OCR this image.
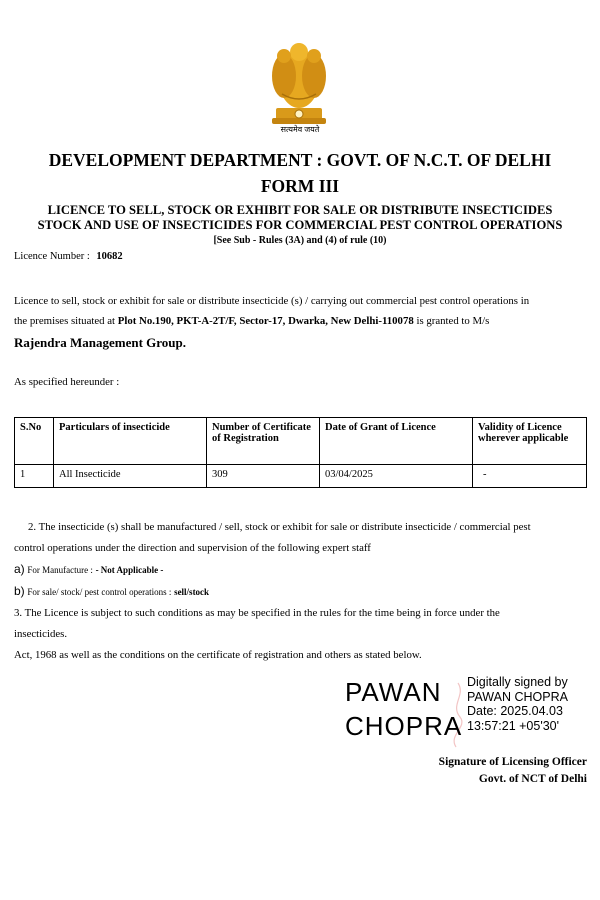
सत्यमेव जयते
DEVELOPMENT DEPARTMENT : GOVT. OF N.C.T. OF DELHI
FORM III
LICENCE TO SELL, STOCK OR EXHIBIT FOR SALE OR DISTRIBUTE INSECTICIDES
STOCK AND USE OF INSECTICIDES FOR COMMERCIAL PEST CONTROL OPERATIONS
[See Sub - Rules (3A) and (4) of rule (10)
Licence Number : 10682
Licence to sell, stock or exhibit for sale or distribute insecticide (s) / carrying out commercial pest control operations in
the premises situated at Plot No.190, PKT-A-2T/F, Sector-17, Dwarka, New Delhi-110078 is granted to M/s
Rajendra Management Group.
As specified hereunder :
S.No	Particulars of insecticide	Number of Certificate of Registration	Date of Grant of Licence	Validity of Licence wherever applicable
1	All Insecticide	309	03/04/2025	-
2. The insecticide (s) shall be manufactured / sell, stock or exhibit for sale or distribute insecticide / commercial pest
control operations under the direction and supervision of the following expert staff
a) For Manufacture : - Not Applicable -
b) For sale/ stock/ pest control operations : sell/stock
3. The Licence is subject to such conditions as may be specified in the rules for the time being in force under the
insecticides.
Act, 1968 as well as the conditions on the certificate of registration and others as stated below.
PAWAN
CHOPRA
Digitally signed by
PAWAN CHOPRA
Date: 2025.04.03
13:57:21 +05'30'
Signature of Licensing Officer
Govt. of NCT of Delhi
